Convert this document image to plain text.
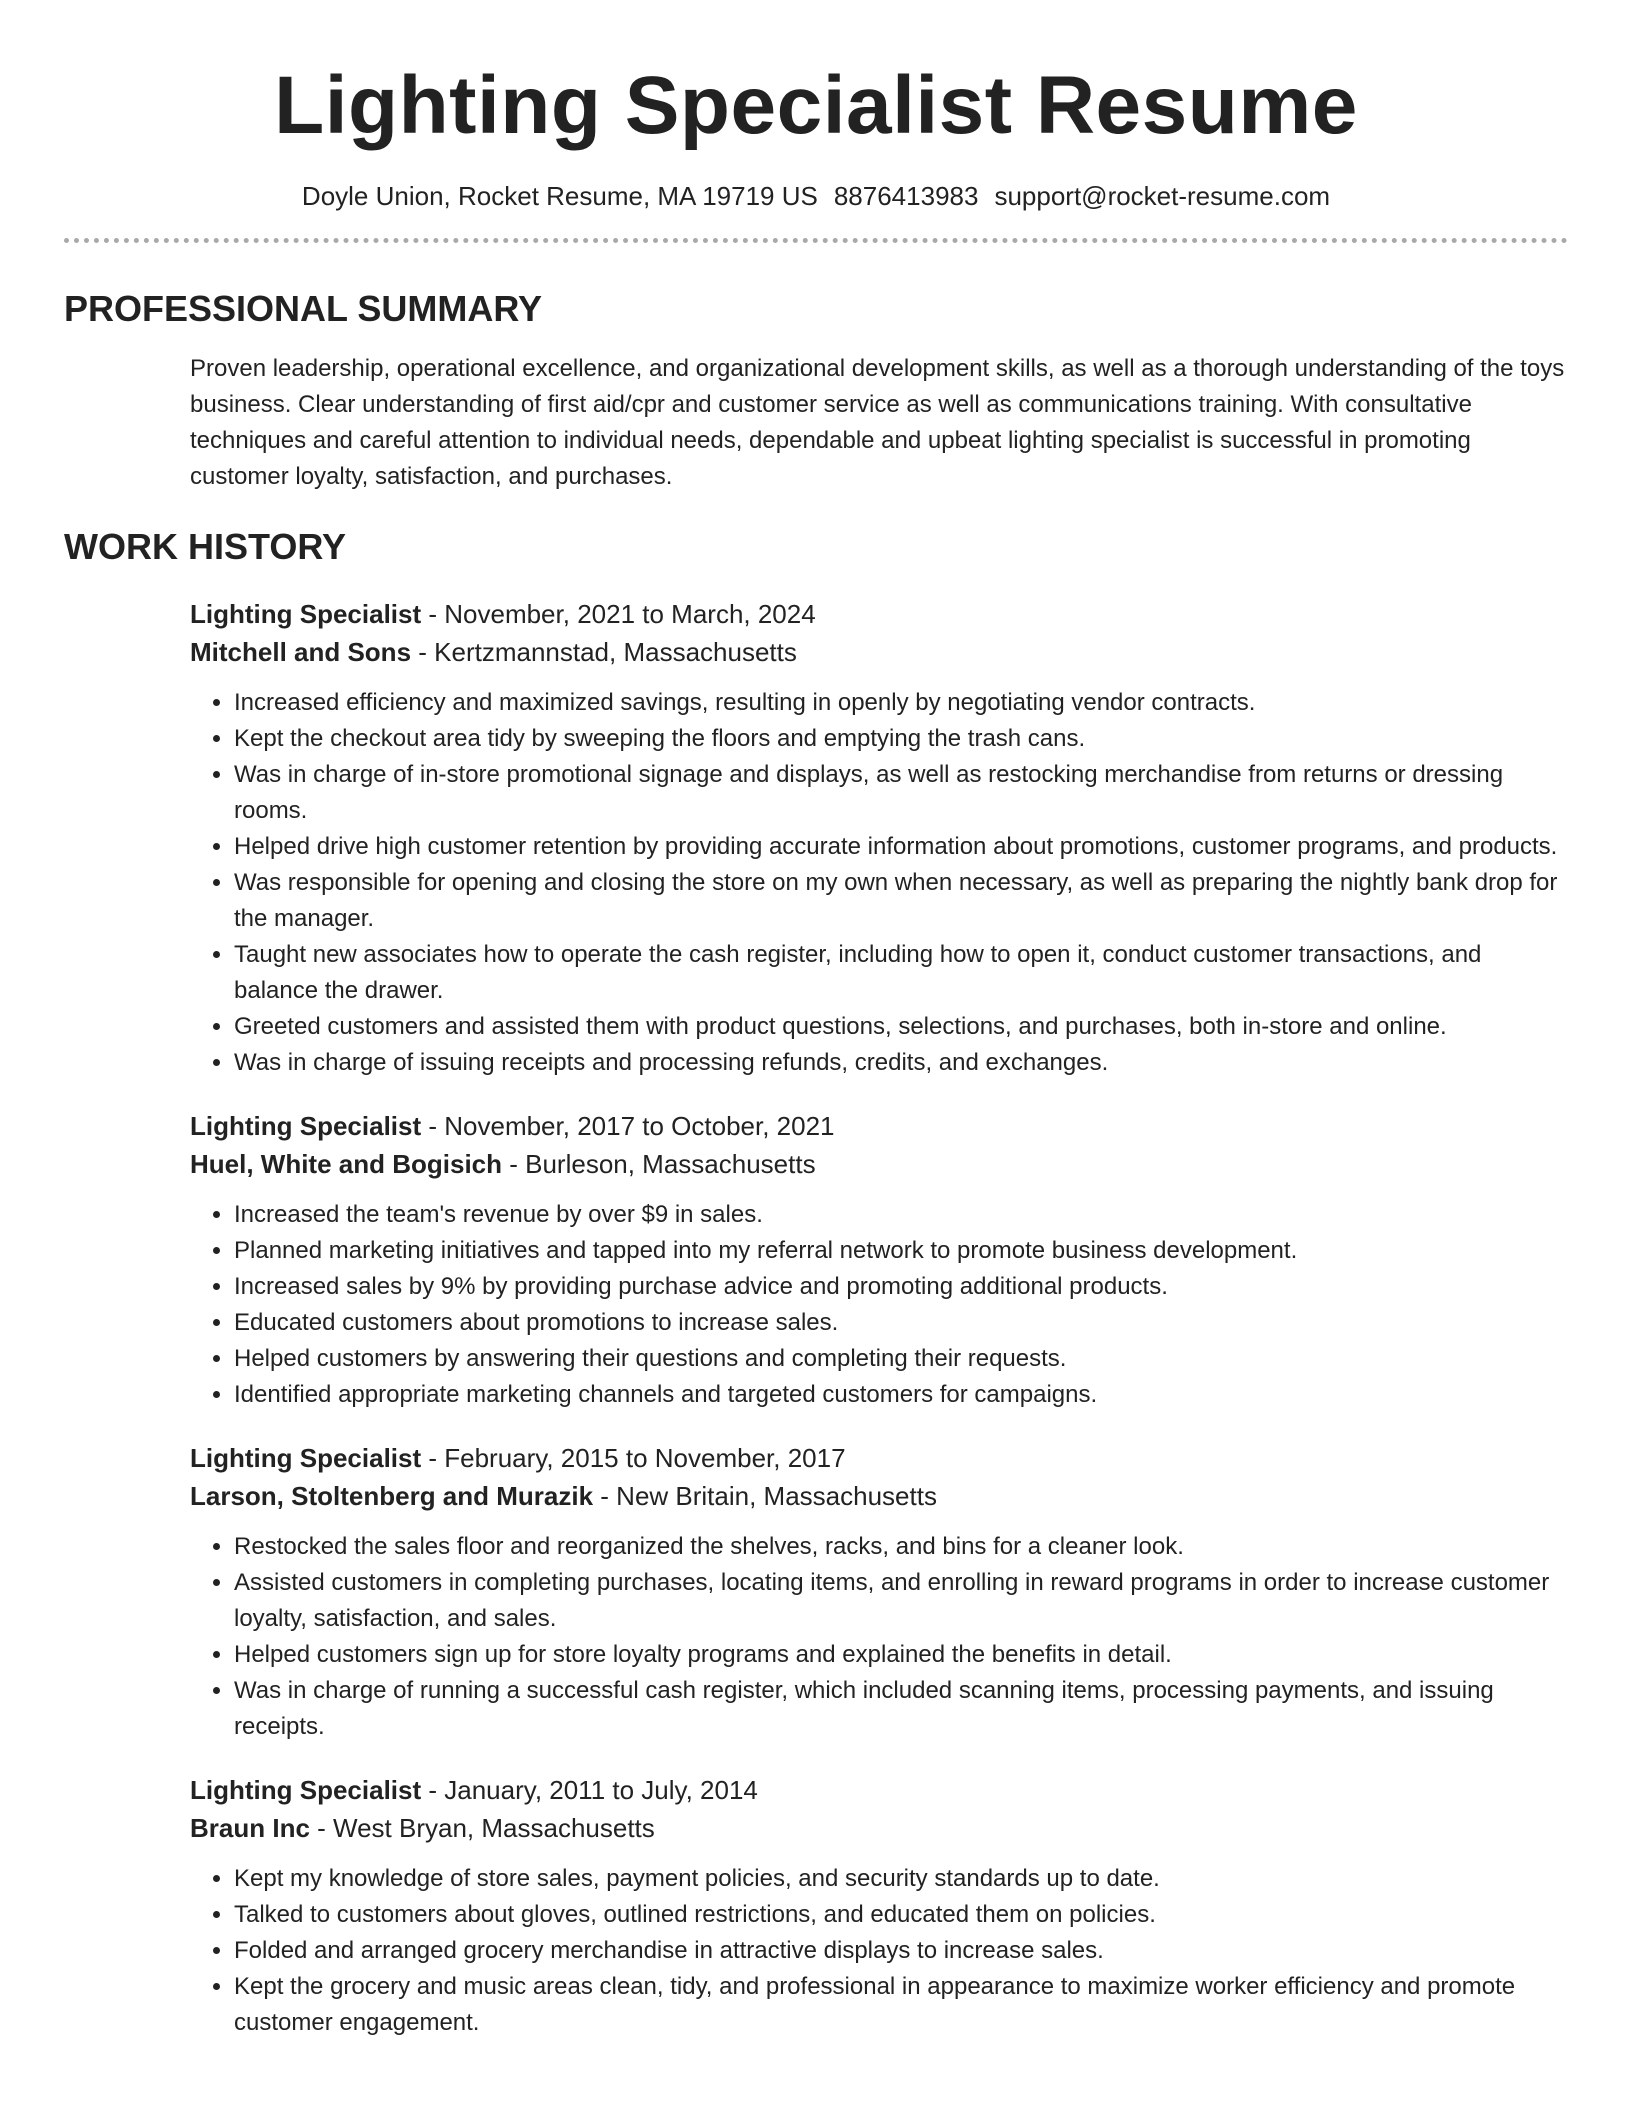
Lighting Specialist Resume
Doyle Union, Rocket Resume, MA 19719 US 8876413983 support@rocket-resume.com
PROFESSIONAL SUMMARY

Proven leadership, operational excellence, and organizational development skills, as well as a thorough understanding of the toys business. Clear understanding of first aid/cpr and customer service as well as communications training. With consultative techniques and careful attention to individual needs, dependable and upbeat lighting specialist is successful in promoting customer loyalty, satisfaction, and purchases.

WORK HISTORY
Lighting Specialist - November, 2021 to March, 2024
Mitchell and Sons - Kertzmannstad, Massachusetts
• Increased efficiency and maximized savings, resulting in openly by negotiating vendor contracts.
• Kept the checkout area tidy by sweeping the floors and emptying the trash cans.
• Was in charge of in-store promotional signage and displays, as well as restocking merchandise from returns or dressing rooms.
• Helped drive high customer retention by providing accurate information about promotions, customer programs, and products.
• Was responsible for opening and closing the store on my own when necessary, as well as preparing the nightly bank drop for the manager.
• Taught new associates how to operate the cash register, including how to open it, conduct customer transactions, and balance the drawer.
• Greeted customers and assisted them with product questions, selections, and purchases, both in-store and online.
• Was in charge of issuing receipts and processing refunds, credits, and exchanges.
Lighting Specialist - November, 2017 to October, 2021
Huel, White and Bogisich - Burleson, Massachusetts
• Increased the team's revenue by over $9 in sales.
• Planned marketing initiatives and tapped into my referral network to promote business development.
• Increased sales by 9% by providing purchase advice and promoting additional products.
• Educated customers about promotions to increase sales.
• Helped customers by answering their questions and completing their requests.
• Identified appropriate marketing channels and targeted customers for campaigns.
Lighting Specialist - February, 2015 to November, 2017
Larson, Stoltenberg and Murazik - New Britain, Massachusetts
• Restocked the sales floor and reorganized the shelves, racks, and bins for a cleaner look.
• Assisted customers in completing purchases, locating items, and enrolling in reward programs in order to increase customer loyalty, satisfaction, and sales.
• Helped customers sign up for store loyalty programs and explained the benefits in detail.
• Was in charge of running a successful cash register, which included scanning items, processing payments, and issuing receipts.
Lighting Specialist - January, 2011 to July, 2014
Braun Inc - West Bryan, Massachusetts
• Kept my knowledge of store sales, payment policies, and security standards up to date.
• Talked to customers about gloves, outlined restrictions, and educated them on policies.
• Folded and arranged grocery merchandise in attractive displays to increase sales.
• Kept the grocery and music areas clean, tidy, and professional in appearance to maximize worker efficiency and promote customer engagement.
